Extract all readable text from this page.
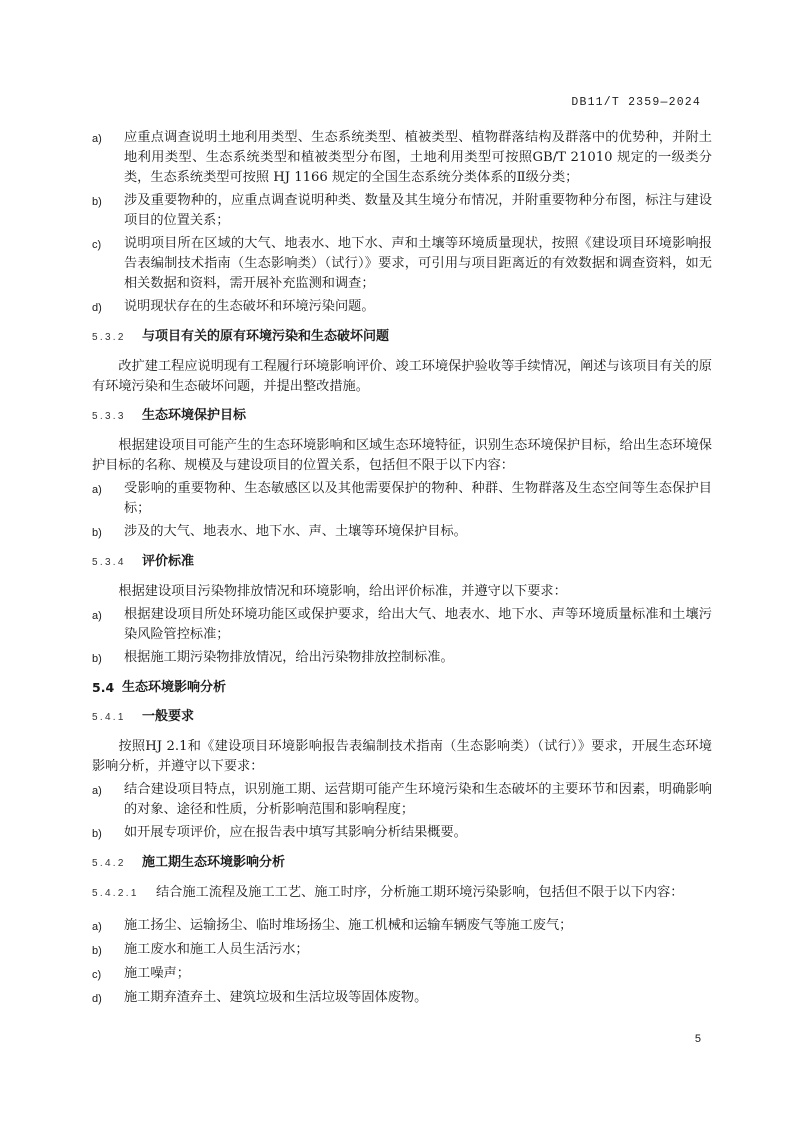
DB11/T 2359—2024
a)	应重点调查说明土地利用类型、生态系统类型、植被类型、植物群落结构及群落中的优势种，并附土地利用类型、生态系统类型和植被类型分布图，土地利用类型可按照GB/T 21010 规定的一级类分类，生态系统类型可按照 HJ 1166 规定的全国生态系统分类体系的Ⅱ级分类；
b)	涉及重要物种的，应重点调查说明种类、数量及其生境分布情况，并附重要物种分布图，标注与建设项目的位置关系；
c)	说明项目所在区域的大气、地表水、地下水、声和土壤等环境质量现状，按照《建设项目环境影响报告表编制技术指南（生态影响类）（试行）》要求，可引用与项目距离近的有效数据和调查资料，如无相关数据和资料，需开展补充监测和调查；
d)	说明现状存在的生态破坏和环境污染问题。
5.3.2	与项目有关的原有环境污染和生态破坏问题
改扩建工程应说明现有工程履行环境影响评价、竣工环境保护验收等手续情况，阐述与该项目有关的原有环境污染和生态破坏问题，并提出整改措施。
5.3.3	生态环境保护目标
根据建设项目可能产生的生态环境影响和区域生态环境特征，识别生态环境保护目标，给出生态环境保护目标的名称、规模及与建设项目的位置关系，包括但不限于以下内容：
a)	受影响的重要物种、生态敏感区以及其他需要保护的物种、种群、生物群落及生态空间等生态保护目标；
b)	涉及的大气、地表水、地下水、声、土壤等环境保护目标。
5.3.4	评价标准
根据建设项目污染物排放情况和环境影响，给出评价标准，并遵守以下要求：
a)	根据建设项目所处环境功能区或保护要求，给出大气、地表水、地下水、声等环境质量标准和土壤污染风险管控标准；
b)	根据施工期污染物排放情况，给出污染物排放控制标准。
5.4 生态环境影响分析
5.4.1	一般要求
按照HJ 2.1和《建设项目环境影响报告表编制技术指南（生态影响类）（试行）》要求，开展生态环境影响分析，并遵守以下要求：
a)	结合建设项目特点，识别施工期、运营期可能产生环境污染和生态破坏的主要环节和因素，明确影响的对象、途径和性质，分析影响范围和影响程度；
b)	如开展专项评价，应在报告表中填写其影响分析结果概要。
5.4.2	施工期生态环境影响分析
5.4.2.1	结合施工流程及施工工艺、施工时序，分析施工期环境污染影响，包括但不限于以下内容：
a)	施工扬尘、运输扬尘、临时堆场扬尘、施工机械和运输车辆废气等施工废气；
b)	施工废水和施工人员生活污水；
c)	施工噪声；
d)	施工期弃渣弃土、建筑垃圾和生活垃圾等固体废物。
5
